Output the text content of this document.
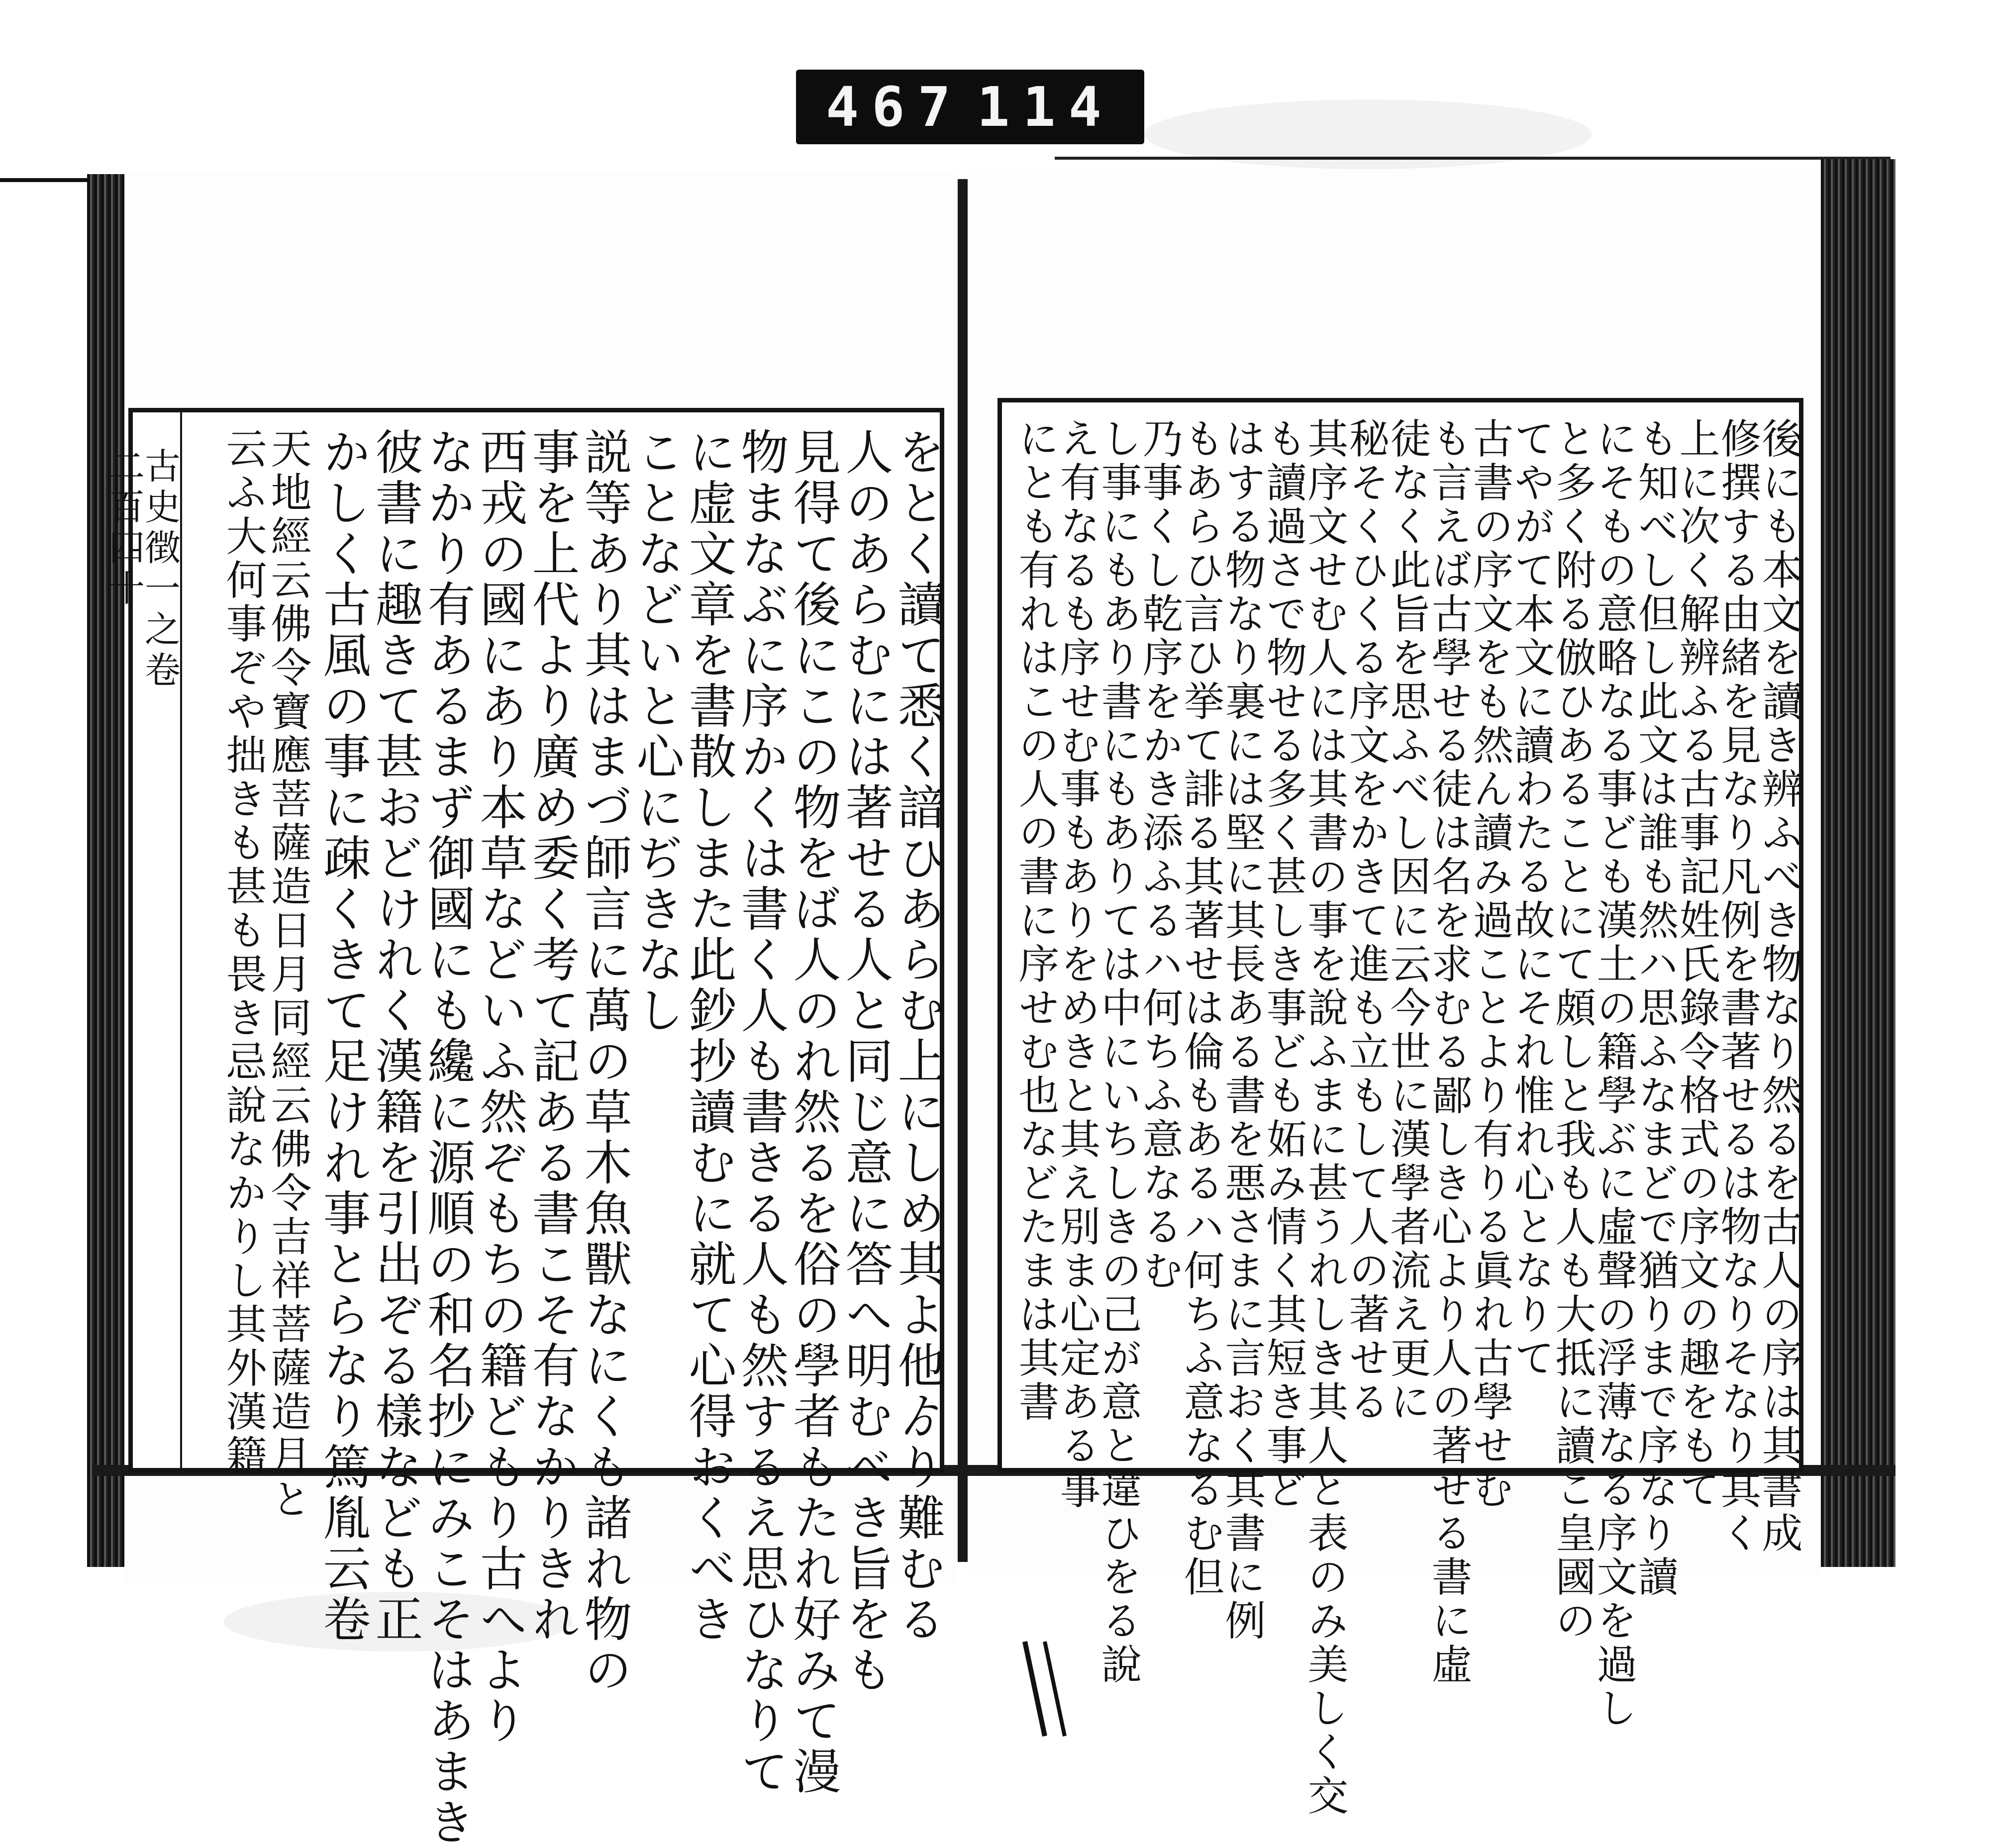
467 114
をとく讀て悉く諳ひあらむ上にしめ其よ他ゟり難むる
人のあらむには著せる人と同じ意に答へ明むべき旨をも
見得て後にこの物をば人のれ然るを俗の學者もたれ好みて漫
物まなぶに序かくは書く人も書きる人も然するえ思ひなりて
に虚文章を書散しまた此鈔抄讀むに就て心得おくべき
ことなどいと心にぢきなし
説等あり其はまづ師言に萬の草木魚獸なにくも諸れ物の
事を上代より廣め委く考て記ある書こそ有なかりきれ
西戎の國にあり本草などいふ然ぞもちの籍どもり古へより
なかり有あるまず御國にも纔に源順の和名抄にみこそはあまき
彼書に趣きて甚おどけれく漢籍を引出ぞる樣なども正
かしく古風の事に疎くきて足けれ事とらなり篤胤云卷
天地經云佛令寶應菩薩造日月同經云佛令吉祥菩薩造月と
云ふ大何事ぞや拙きも甚も畏き忌說なかりし其外漢籍
古史徴一之卷
二百四十	後にも本文を讀き辨ふべき物なり然るを古人の序は其書成
修撰する由緒を見なり凡例を書著せるは物なりそなり其く
上に次く解辨ふる古事記姓氏錄令格式の序文の趣をもて
も知べし但し此文は誰も然ハ思ふなまどで猶りまで序なり讀
にそもの意略なる事ども漢土の籍學ぶに虛聲の浮薄なる序文を過し
と多く附る倣ひあることにて頗しと我も人も大抵に讀こ皇國の
てやがて本文に讀わたる故にそれ惟れ心となりて
古書の序文をも然ん讀み過ことより有りる眞れ古學せむ
も言えば古學せる徒は名を求むる鄙しき心より人の著せる書に虛
徒なく此旨を思ふべし因に云今世に漢學者流え更に
秘そくひくる序文をかきて進も立もして人の著せる
其序文せむ人には其書の事を說ふまに甚うれしき其人と表のみ美しく交
も讀過さで物せる多く甚しき事ども妬み情く其短き事ど
はする物なり裏には堅に其長ある書を悪さまに言おく其書に例
もあらひ言ひ挙て誹る其著せは倫もあるハ何ちふ意なるむ但
乃事くし乾序をかき添ふるハ何ちふ意なるむ
し事にもあり書にもありては中にいちしきの己が意と違ひをる說
え有なるも序せむ事もありをめきと其え別ま心定ある事
にとも有れはこの人の書に序せむ也などたまは其書
